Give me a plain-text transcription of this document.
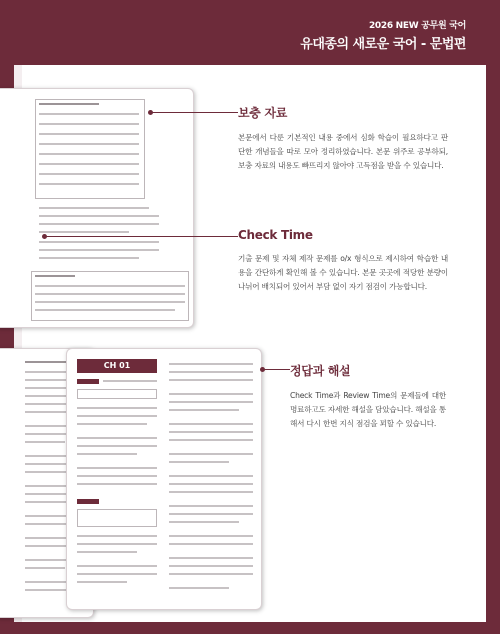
2026 NEW 공무원 국어
유대종의 새로운 국어 - 문법편
CH 01
보충 자료
본문에서 다룬 기본적인 내용 중에서 심화 학습이 필요하다고 판단한 개념들을 따로 모아 정리하였습니다. 본문 위주로 공부하되, 보충 자료의 내용도 빠뜨리지 않아야 고득점을 받을 수 있습니다.
Check Time
기출 문제 및 자체 제작 문제를 o/x 형식으로 제시하여 학습한 내용을 간단하게 확인해 볼 수 있습니다. 본문 곳곳에 적당한 분량이 나뉘어 배치되어 있어서 부담 없이 자기 점검이 가능합니다.
정답과 해설
Check Time과 Review Time의 문제들에 대한 명료하고도 자세한 해설을 담았습니다. 해설을 통해서 다시 한번 지식 점검을 꾀할 수 있습니다.
